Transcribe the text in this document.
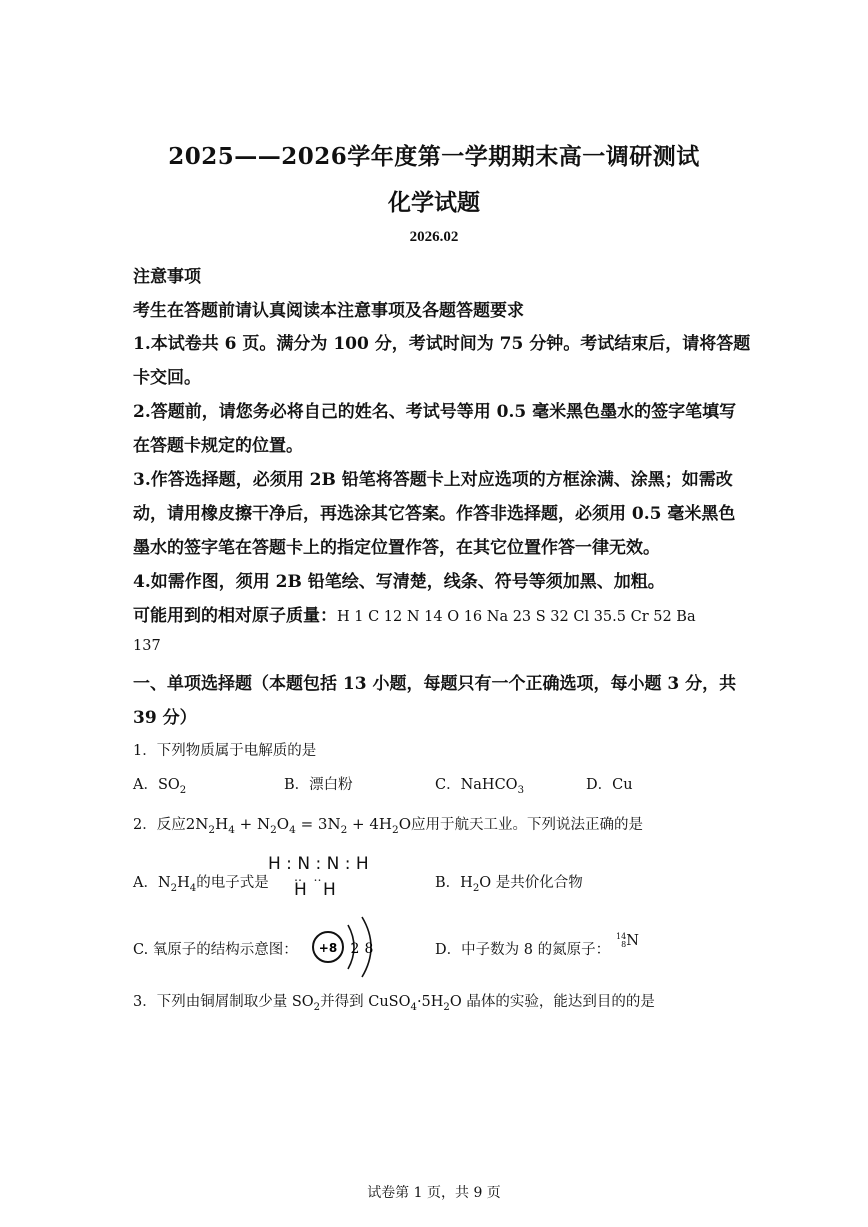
2025——2026学年度第一学期期末高一调研测试
化学试题
2026.02
注意事项
考生在答题前请认真阅读本注意事项及各题答题要求
1.本试卷共 6 页。满分为 100 分，考试时间为 75 分钟。考试结束后，请将答题
卡交回。
2.答题前，请您务必将自己的姓名、考试号等用 0.5 毫米黑色墨水的签字笔填写
在答题卡规定的位置。
3.作答选择题，必须用 2B 铅笔将答题卡上对应选项的方框涂满、涂黑；如需改
动，请用橡皮擦干净后，再选涂其它答案。作答非选择题，必须用 0.5 毫米黑色
墨水的签字笔在答题卡上的指定位置作答，在其它位置作答一律无效。
4.如需作图，须用 2B 铅笔绘、写清楚，线条、符号等须加黑、加粗。
可能用到的相对原子质量：H 1 C 12 N 14 O 16 Na 23 S 32 Cl 35.5 Cr 52 Ba
137
一、单项选择题（本题包括 13 小题，每题只有一个正确选项，每小题 3 分，共
39 分）
1．下列物质属于电解质的是
A．$SO_2$	B．漂白粉	C．NaHCO$_3$	D．Cu
2．反应$2N_2H_4 + N_2O_4 = 3N_2 + 4H_2O$应用于航天工业。下列说法正确的是
A．$N_2H_4$的电子式是
H : N : N : H
‥   ‥
H   H	B．$H_2O$ 是共价化合物
C. 氧原子的结构示意图： +8 2 8	D．中子数为 8 的氮原子：
14
8N
3．下列由铜屑制取少量 $SO_2$并得到 $CuSO_4\cdot 5H_2O$ 晶体的实验，能达到目的的是
试卷第 1 页，共 9 页
